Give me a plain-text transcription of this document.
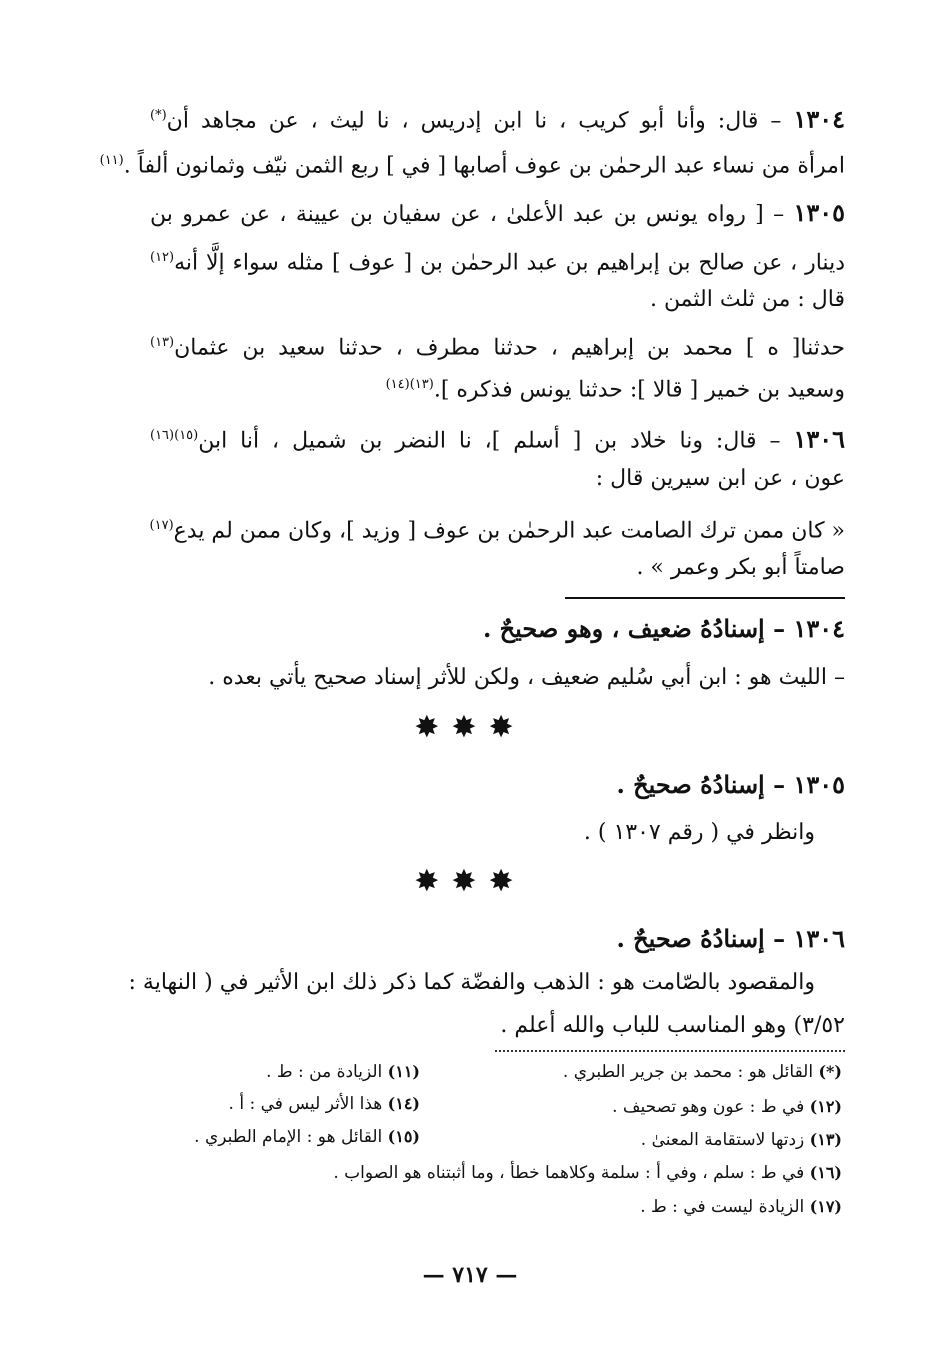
١٣٠٤ – قال: وأنا أبو كريب ، نا ابن إدريس ، نا ليث ، عن مجاهد أن(*)
امرأة من نساء عبد الرحمٰن بن عوف أصابها [ في ] ربع الثمن نيّف وثمانون ألفاً .$^{(١١)}$
١٣٠٥ – [ رواه يونس بن عبد الأعلىٰ ، عن سفيان بن عيينة ، عن عمرو بن
دينار ، عن صالح بن إبراهيم بن عبد الرحمٰن بن [ عوف ] مثله سواء إلَّا أنه$^{(١٢)}$
قال : من ثلث الثمن .
حدثنا[ ه ] محمد بن إبراهيم ، حدثنا مطرف ، حدثنا سعيد بن عثمان$^{(١٣)}$
وسعيد بن خمير [ قالا ]: حدثنا يونس فذكره ].$^{(١٣)(١٤)}$
١٣٠٦ – قال: ونا خلاد بن [ أسلم ]، نا النضر بن شميل ، أنا ابن$^{(١٥)(١٦)}$
عون ، عن ابن سيرين قال :
« كان ممن ترك الصامت عبد الرحمٰن بن عوف [ وزيد ]، وكان ممن لم يدع$^{(١٧)}$
صامتاً أبو بكر وعمر » .
١٣٠٤ – إسنادُهُ ضعيف ، وهو صحيحٌ .
– الليث هو : ابن أبي سُليم ضعيف ، ولكن للأثر إسناد صحيح يأتي بعده .
✸✸✸
١٣٠٥ – إسنادُهُ صحيحٌ .
وانظر في ( رقم ١٣٠٧ ) .
✸✸✸
١٣٠٦ – إسنادُهُ صحيحٌ .
والمقصود بالصّامت هو : الذهب والفضّة كما ذكر ذلك ابن الأثير في ( النهاية :
٣/٥٢) وهو المناسب للباب والله أعلم .
(*) القائل هو : محمد بن جرير الطبري .
(١١) الزيادة من : ط .
(١٢) في ط : عون وهو تصحيف .
(١٤) هذا الأثر ليس في : أ .
(١٣) زدتها لاستقامة المعنىٰ .
(١٥) القائل هو : الإمام الطبري .
(١٦) في ط : سلم ، وفي أ : سلمة وكلاهما خطأ ، وما أثبتناه هو الصواب .
(١٧) الزيادة ليست في : ط .
— ٧١٧ —
